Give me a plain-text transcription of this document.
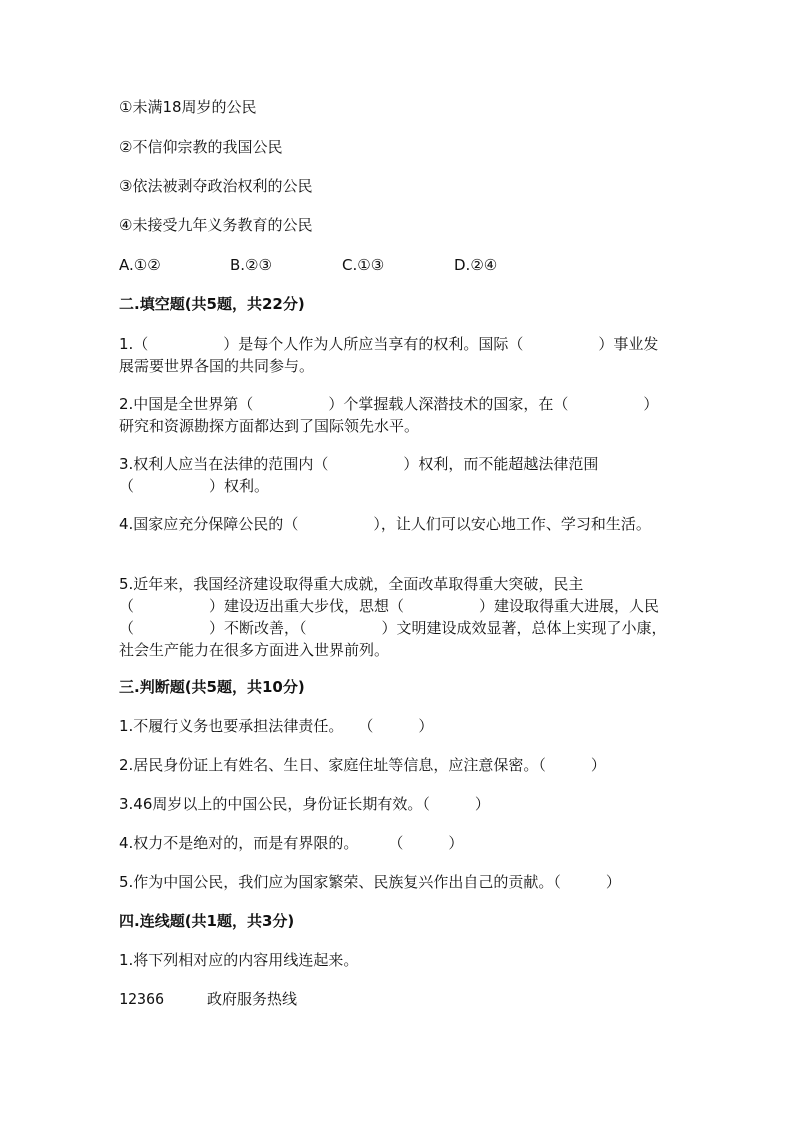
①未满18周岁的公民
②不信仰宗教的我国公民
③依法被剥夺政治权利的公民
④未接受九年义务教育的公民
A.①②	B.②③	C.①③	D.②④
二.填空题(共5题，共22分)
1.（　　　　　）是每个人作为人所应当享有的权利。国际（　　　　　）事业发展需要世界各国的共同参与。
2.中国是全世界第（　　　　　）个掌握载人深潜技术的国家，在（　　　　　）研究和资源勘探方面都达到了国际领先水平。
3.权利人应当在法律的范围内（　　　　　）权利，而不能超越法律范围（　　　　　）权利。
4.国家应充分保障公民的（　　　　　），让人们可以安心地工作、学习和生活。
5.近年来，我国经济建设取得重大成就，全面改革取得重大突破，民主（　　　　　）建设迈出重大步伐，思想（　　　　　）建设取得重大进展，人民（　　　　　）不断改善，（　　　　　）文明建设成效显著，总体上实现了小康，社会生产能力在很多方面进入世界前列。
三.判断题(共5题，共10分)
1.不履行义务也要承担法律责任。　　（　　　）
2.居民身份证上有姓名、生日、家庭住址等信息，应注意保密。（　　　）
3.46周岁以上的中国公民，身份证长期有效。（　　　）
4.权力不是绝对的，而是有界限的。　　　（　　　）
5.作为中国公民，我们应为国家繁荣、民族复兴作出自己的贡献。（　　　）
四.连线题(共1题，共3分)
1.将下列相对应的内容用线连起来。
12366	政府服务热线
